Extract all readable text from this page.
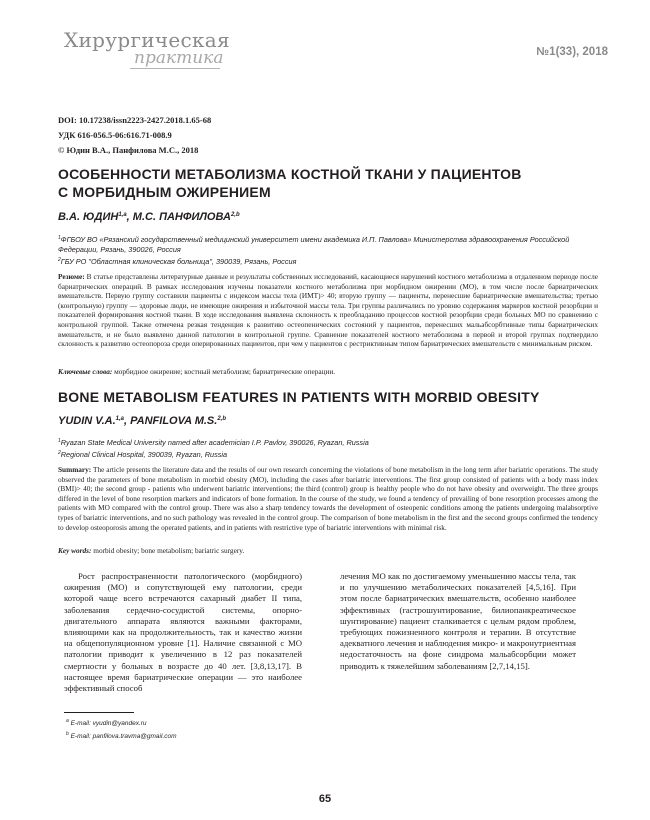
Хирургическая
практика	№1(33), 2018
DOI: 10.17238/issn2223-2427.2018.1.65-68
УДК 616-056.5-06:616.71-008.9
© Юдин В.А., Панфилова М.С., 2018
ОСОБЕННОСТИ МЕТАБОЛИЗМА КОСТНОЙ ТКАНИ У ПАЦИЕНТОВ
С МОРБИДНЫМ ОЖИРЕНИЕМ
В.А. ЮДИН$^{1,a}$, М.С. ПАНФИЛОВА$^{2,b}$
$^1$ФГБОУ ВО «Рязанский государственный медицинский университет имени академика И.П. Павлова» Министерства здравоохранения Российской Федерации, Рязань, 390026, Россия
$^2$ГБУ РО "Областная клиническая больница", 390039, Рязань, Россия
Резюме: В статье представлены литературные данные и результаты собственных исследований, касающиеся нарушений костного метаболизма в отдаленном периоде после бариатрических операций. В рамках исследования изучены показатели костного метаболизма при морбидном ожирении (МО), в том числе после бариатрических вмешательств. Первую группу составили пациенты с индексом массы тела (ИМТ)> 40; вторую группу — пациенты, перенесшие бариатрические вмешательства; третью (контрольную) группу — здоровые люди, не имеющие ожирения и избыточной массы тела. Три группы различались по уровню содержания маркеров костной резорбции и показателей формирования костной ткани. В ходе исследования выявлена склонность к преобладанию процессов костной резорбции среди больных МО по сравнению с контрольной группой. Также отмечена резкая тенденция к развитию остеопенических состояний у пациентов, перенесших мальабсорбтивные типы бариатрических вмешательств, и не было выявлено данной патологии в контрольной группе. Сравнение показателей костного метаболизма в первой и второй группах подтвердило склонность к развитию остеопороза среди оперированных пациентов, при чем у пациентов с рестриктивным типом бариатрических вмешательств с минимальным риском.
Ключевые слова: морбидное ожирение; костный метаболизм; бариатрические операции.
BONE METABOLISM FEATURES IN PATIENTS WITH MORBID OBESITY
YUDIN V.A.$^{1,a}$, PANFILOVA M.S.$^{2,b}$
$^1$Ryazan State Medical University named after academician I.P. Pavlov, 390026, Ryazan, Russia
$^2$Regional Clinical Hospital, 390039, Ryazan, Russia
Summary: The article presents the literature data and the results of our own research concerning the violations of bone metabolism in the long term after bariatric operations. The study observed the parameters of bone metabolism in morbid obesity (MO), including the cases after bariatric interventions. The first group consisted of patients with a body mass index (BMI)> 40; the second group - patients who underwent bariatric interventions; the third (control) group is healthy people who do not have obesity and overweight. The three groups differed in the level of bone resorption markers and indicators of bone formation. In the course of the study, we found a tendency of prevailing of bone resorption processes among the patients with MO compared with the control group. There was also a sharp tendency towards the development of osteopenic conditions among the patients undergoing malabsorptive types of bariatric interventions, and no such pathology was revealed in the control group. The comparison of bone metabolism in the first and the second groups confirmed the tendency to develop osteoporosis among the operated patients, and in patients with restrictive type of bariatric interventions with minimal risk.
Key words: morbid obesity; bone metabolism; bariatric surgery.
Рост распространенности патологического (морбидного) ожирения (МО) и сопутствующей ему патологии, среди которой чаще всего встречаются сахарный диабет II типа, заболевания сердечно-сосудистой системы, опорно-двигательного аппарата являются важными факторами, влияющими как на продолжительность, так и качество жизни на общепопуляционном уровне [1]. Наличие связанной с МО патологии приводит к увеличению в 12 раз показателей смертности у больных в возрасте до 40 лет. [3,8,13,17]. В настоящее время бариатрические операции — это наиболее эффективный способ
лечения МО как по достигаемому уменьшению массы тела, так и по улучшению метаболических показателей [4,5,16]. При этом после бариатрических вмешательств, особенно наиболее эффективных (гастрошунтирование, билиопанкреатическое шунтирование) пациент сталкивается с целым рядом проблем, требующих пожизненного контроля и терапии. В отсутствие адекватного лечения и наблюдения микро- и макронутриентная недостаточность на фоне синдрома мальабсорбции может приводить к тяжелейшим заболеваниям [2,7,14,15].
$^a$ E-mail: vyudin@yandex.ru
$^b$ E-mail: panfilova.travma@gmail.com
65
